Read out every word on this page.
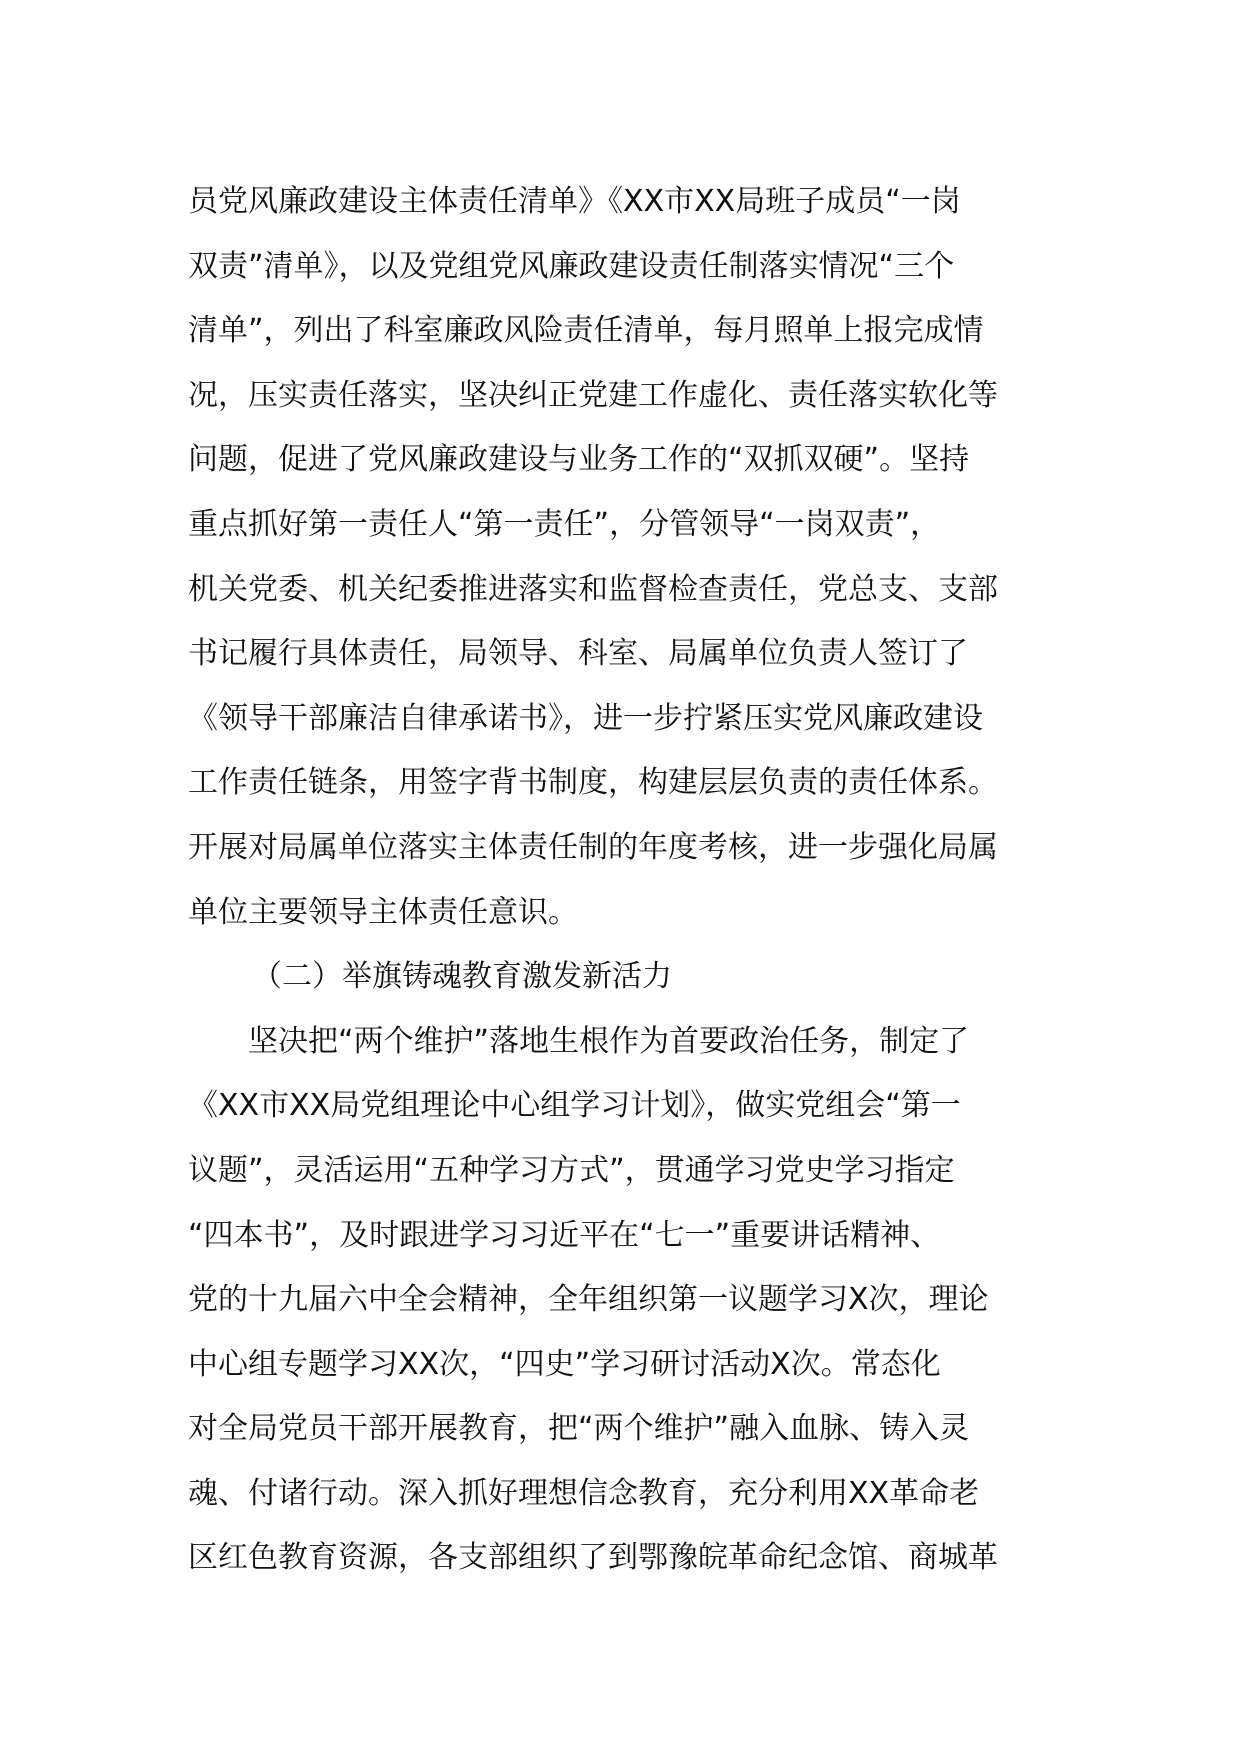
员党风廉政建设主体责任清单》《XX市XX局班子成员“一岗
双责”清单》，以及党组党风廉政建设责任制落实情况“三个
清单”，列出了科室廉政风险责任清单，每月照单上报完成情
况，压实责任落实，坚决纠正党建工作虚化、责任落实软化等
问题，促进了党风廉政建设与业务工作的“双抓双硬”。坚持
重点抓好第一责任人“第一责任”，分管领导“一岗双责”，
机关党委、机关纪委推进落实和监督检查责任，党总支、支部
书记履行具体责任，局领导、科室、局属单位负责人签订了
《领导干部廉洁自律承诺书》，进一步拧紧压实党风廉政建设
工作责任链条，用签字背书制度，构建层层负责的责任体系。
开展对局属单位落实主体责任制的年度考核，进一步强化局属
单位主要领导主体责任意识。
（二）举旗铸魂教育激发新活力
坚决把“两个维护”落地生根作为首要政治任务，制定了
《XX市XX局党组理论中心组学习计划》，做实党组会“第一
议题”，灵活运用“五种学习方式”，贯通学习党史学习指定
“四本书”，及时跟进学习习近平在“七一”重要讲话精神、
党的十九届六中全会精神，全年组织第一议题学习X次，理论
中心组专题学习XX次，“四史”学习研讨活动X次。常态化
对全局党员干部开展教育，把“两个维护”融入血脉、铸入灵
魂、付诸行动。深入抓好理想信念教育，充分利用XX革命老
区红色教育资源，各支部组织了到鄂豫皖革命纪念馆、商城革
